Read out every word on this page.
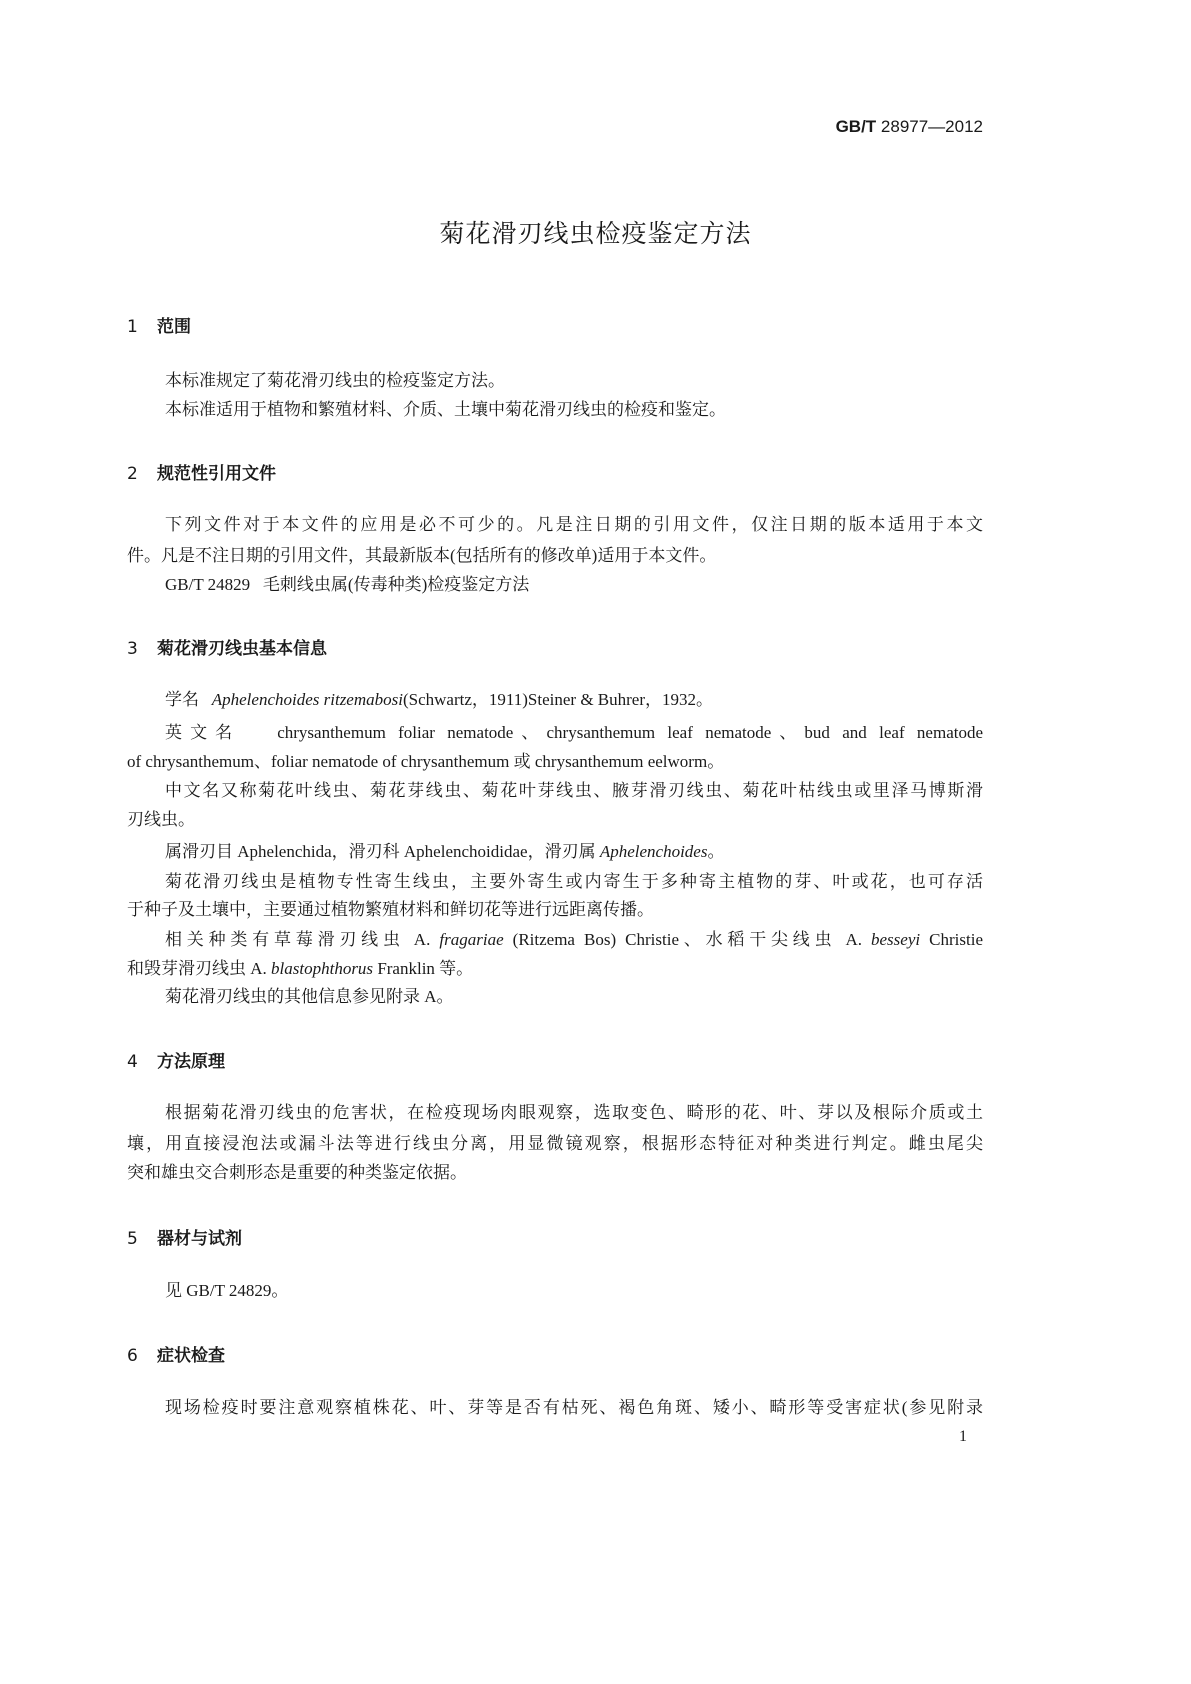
GB/T 28977—2012
菊花滑刃线虫检疫鉴定方法
1 范围
本标准规定了菊花滑刃线虫的检疫鉴定方法。
本标准适用于植物和繁殖材料、介质、土壤中菊花滑刃线虫的检疫和鉴定。
2 规范性引用文件
下列文件对于本文件的应用是必不可少的。凡是注日期的引用文件，仅注日期的版本适用于本文
件。凡是不注日期的引用文件，其最新版本(包括所有的修改单)适用于本文件。
GB/T 24829 毛刺线虫属(传毒种类)检疫鉴定方法
3 菊花滑刃线虫基本信息
学名 Aphelenchoides ritzemabosi(Schwartz，1911)Steiner & Buhrer，1932。
英文名 chrysanthemum foliar nematode、chrysanthemum leaf nematode、bud and leaf nematode
of chrysanthemum、foliar nematode of chrysanthemum 或 chrysanthemum eelworm。
中文名又称菊花叶线虫、菊花芽线虫、菊花叶芽线虫、腋芽滑刃线虫、菊花叶枯线虫或里泽马博斯滑
刃线虫。
属滑刃目 Aphelenchida，滑刃科 Aphelenchoididae，滑刃属 Aphelenchoides。
菊花滑刃线虫是植物专性寄生线虫，主要外寄生或内寄生于多种寄主植物的芽、叶或花，也可存活
于种子及土壤中，主要通过植物繁殖材料和鲜切花等进行远距离传播。
相关种类有草莓滑刃线虫 A. fragariae (Ritzema Bos) Christie、水稻干尖线虫 A. besseyi Christie
和毁芽滑刃线虫 A. blastophthorus Franklin 等。
菊花滑刃线虫的其他信息参见附录 A。
4 方法原理
根据菊花滑刃线虫的危害状，在检疫现场肉眼观察，选取变色、畸形的花、叶、芽以及根际介质或土
壤，用直接浸泡法或漏斗法等进行线虫分离，用显微镜观察，根据形态特征对种类进行判定。雌虫尾尖
突和雄虫交合刺形态是重要的种类鉴定依据。
5 器材与试剂
见 GB/T 24829。
6 症状检查
现场检疫时要注意观察植株花、叶、芽等是否有枯死、褐色角斑、矮小、畸形等受害症状(参见附录
1
